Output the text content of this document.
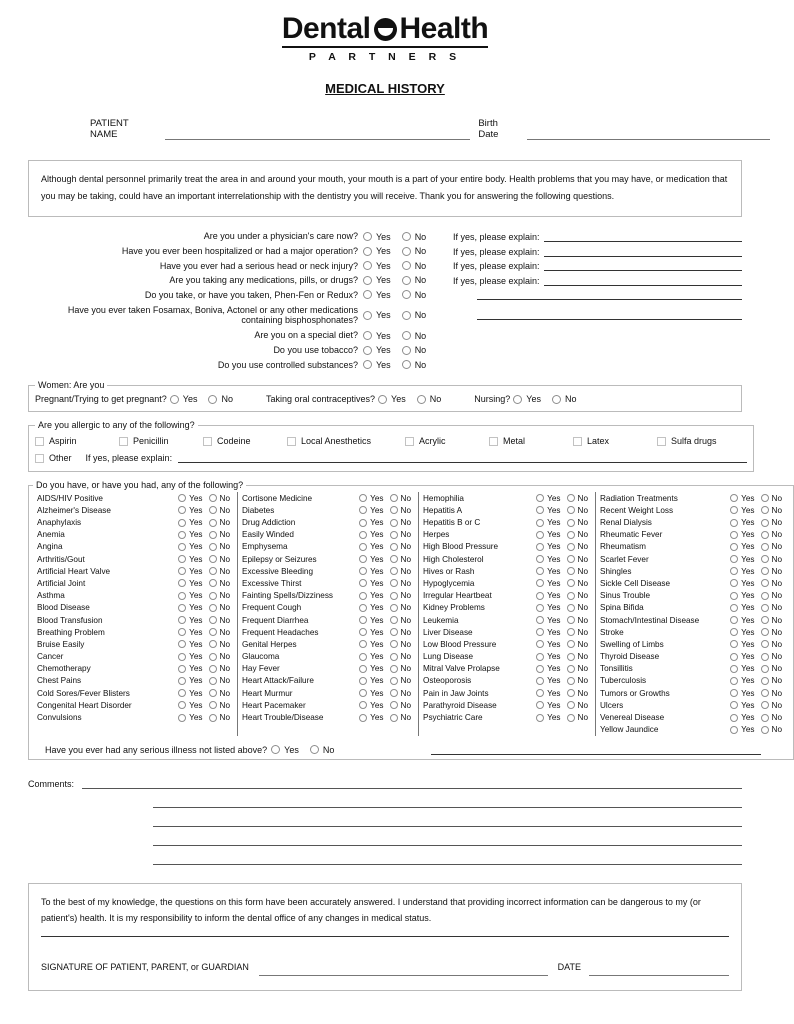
Dental Health
P A R T N E R S
MEDICAL HISTORY
PATIENT NAME
Birth Date
Although dental personnel primarily treat the area in and around your mouth, your mouth is a part of your entire body. Health problems that you may have, or medication that you may be taking, could have an important interrelationship with the dentistry you will receive. Thank you for answering the following questions.
Are you under a physician's care now?	Yes	No	If yes, please explain:
Have you ever been hospitalized or had a major operation?	Yes	No	If yes, please explain:
Have you ever had a serious head or neck injury?	Yes	No	If yes, please explain:
Are you taking any medications, pills, or drugs?	Yes	No	If yes, please explain:
Do you take, or have you taken, Phen-Fen or Redux?	Yes	No
Have you ever taken Fosamax, Boniva, Actonel or any other medications containing bisphosphonates?	Yes	No
Are you on a special diet?	Yes	No
Do you use tobacco?	Yes	No
Do you use controlled substances?	Yes	No
Women: Are you
Pregnant/Trying to get pregnant? Yes	No	Taking oral contraceptives? Yes	No	Nursing? Yes	No
Are you allergic to any of the following?
Aspirin	Penicillin	Codeine	Local Anesthetics	Acrylic	Metal	Latex	Sulfa drugs
Other If yes, please explain:
Do you have, or have you had, any of the following?
AIDS/HIV Positive	Yes No
Alzheimer's Disease	Yes No
Anaphylaxis	Yes No
Anemia	Yes No
Angina	Yes No
Arthritis/Gout	Yes No
Artificial Heart Valve	Yes No
Artificial Joint	Yes No
Asthma	Yes No
Blood Disease	Yes No
Blood Transfusion	Yes No
Breathing Problem	Yes No
Bruise Easily	Yes No
Cancer	Yes No
Chemotherapy	Yes No
Chest Pains	Yes No
Cold Sores/Fever Blisters	Yes No
Congenital Heart Disorder	Yes No
Convulsions	Yes No
Cortisone Medicine	Yes No
Diabetes	Yes No
Drug Addiction	Yes No
Easily Winded	Yes No
Emphysema	Yes No
Epilepsy or Seizures	Yes No
Excessive Bleeding	Yes No
Excessive Thirst	Yes No
Fainting Spells/Dizziness	Yes No
Frequent Cough	Yes No
Frequent Diarrhea	Yes No
Frequent Headaches	Yes No
Genital Herpes	Yes No
Glaucoma	Yes No
Hay Fever	Yes No
Heart Attack/Failure	Yes No
Heart Murmur	Yes No
Heart Pacemaker	Yes No
Heart Trouble/Disease	Yes No
Hemophilia	Yes No
Hepatitis A	Yes No
Hepatitis B or C	Yes No
Herpes	Yes No
High Blood Pressure	Yes No
High Cholesterol	Yes No
Hives or Rash	Yes No
Hypoglycemia	Yes No
Irregular Heartbeat	Yes No
Kidney Problems	Yes No
Leukemia	Yes No
Liver Disease	Yes No
Low Blood Pressure	Yes No
Lung Disease	Yes No
Mitral Valve Prolapse	Yes No
Osteoporosis	Yes No
Pain in Jaw Joints	Yes No
Parathyroid Disease	Yes No
Psychiatric Care	Yes No
Radiation Treatments	Yes No
Recent Weight Loss	Yes No
Renal Dialysis	Yes No
Rheumatic Fever	Yes No
Rheumatism	Yes No
Scarlet Fever	Yes No
Shingles	Yes No
Sickle Cell Disease	Yes No
Sinus Trouble	Yes No
Spina Bifida	Yes No
Stomach/Intestinal Disease	Yes No
Stroke	Yes No
Swelling of Limbs	Yes No
Thyroid Disease	Yes No
Tonsillitis	Yes No
Tuberculosis	Yes No
Tumors or Growths	Yes No
Ulcers	Yes No
Venereal Disease	Yes No
Yellow Jaundice	Yes No
Have you ever had any serious illness not listed above? Yes	No
Comments:
To the best of my knowledge, the questions on this form have been accurately answered. I understand that providing incorrect information can be dangerous to my (or patient's) health. It is my responsibility to inform the dental office of any changes in medical status.
SIGNATURE OF PATIENT, PARENT, or GUARDIAN	DATE
